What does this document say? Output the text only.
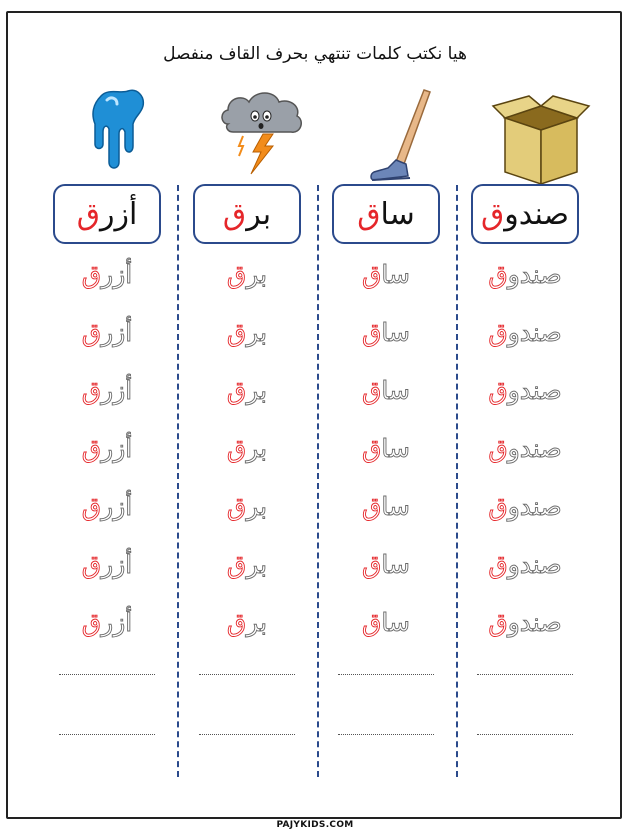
هيا نكتب كلمات تنتهي بحرف القاف منفصل
أزر
ق
أزرق
أزرق
أزرق
أزرق
أزرق
أزرق
أزرق
بر
ق
برق
برق
برق
برق
برق
برق
برق
سا
ق
ساق
ساق
ساق
ساق
ساق
ساق
ساق
صندو
ق
صندوق
صندوق
صندوق
صندوق
صندوق
صندوق
صندوق
PAJYKIDS.COM
